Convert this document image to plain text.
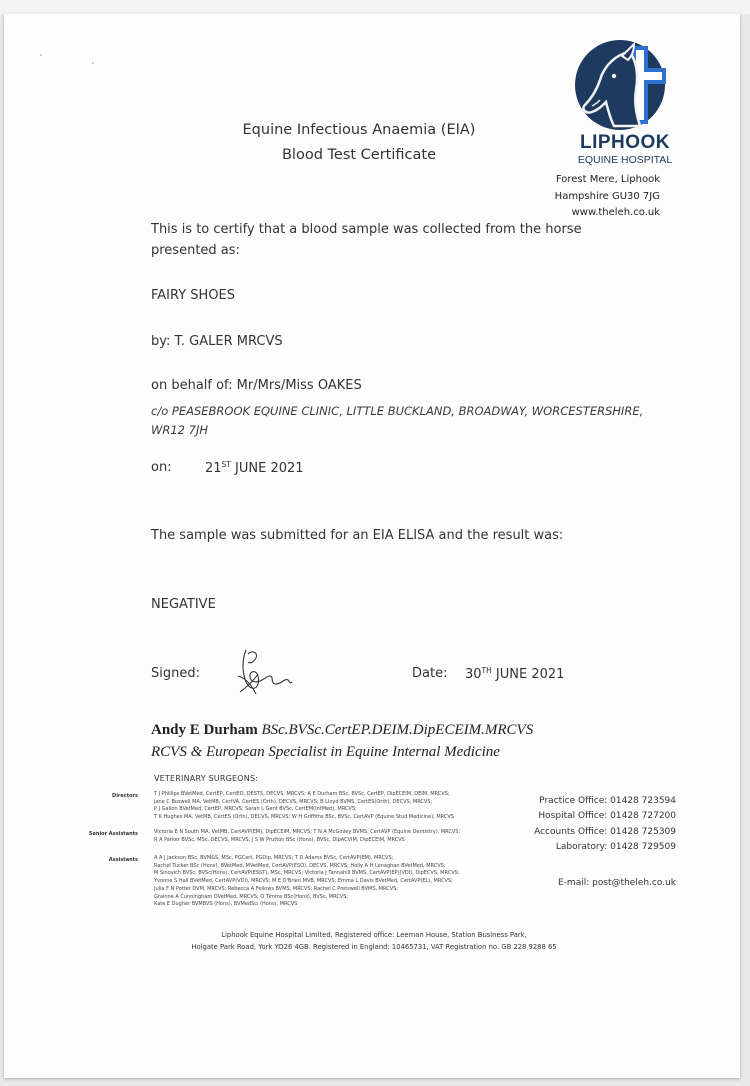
Equine Infectious Anaemia (EIA)
Blood Test Certificate
LIPHOOK
EQUINE HOSPITAL
Forest Mere, Liphook
Hampshire GU30 7JG
www.theleh.co.uk
This is to certify that a blood sample was collected from the horse presented as:
FAIRY SHOES
by: T. GALER MRCVS
on behalf of: Mr/Mrs/Miss OAKES
c/o PEASEBROOK EQUINE CLINIC, LITTLE BUCKLAND, BROADWAY, WORCESTERSHIRE,
WR12 7JH
on:	21ST JUNE 2021
The sample was submitted for an EIA ELISA and the result was:
NEGATIVE
Signed:	Date: 30TH JUNE 2021
Andy E Durham BSc.BVSc.CertEP.DEIM.DipECEIM.MRCVS
RCVS & European Specialist in Equine Internal Medicine
VETERINARY SURGEONS:
Directors	T J Phillips BVetMed, CertEP, CertEO, DESTS, DECVS, MRCVS; A E Durham BSc, BVSc, CertEP, DipECEIM, DEIM, MRCVS;
Jane C Boswell MA, VetMB, CertVA, CertES (Orth), DECVS, MRCVS; B Lloyd BVMS, CertES(Orth), DECVS, MRCVS;
P J Gallon BVetMed, CertEP, MRCVS; Sarah L Gent BVSc, CertEM(IntMed), MRCVS;
T K Hughes MA, VetMB, CertES (Orth), DECVS, MRCVS; W H Griffiths BSc, BVSc, CertAVP (Equine Stud Medicine), MRCVS
Senior Assistants	Victoria E N South MA, VetMB, CertAVP(EM), DipECEIM, MRCVS; T N A McGinley BVMS, CertAVP (Equine Dentistry), MRCVS;
R A Parker BVSc, MSc, DECVS, MRCVS; J S W Prutton BSc (Hons), BVSc, DipACVIM, DipECEIM, MRCVS
Assistants	A A J Jackson BSc, BVM&S, MSc, PGCert, PGDip, MRCVS; T D Adams BVSc, CertAVP(EM), MRCVS;
Rachel Tucker BSc (Hons), BVetMed, MVetMed, CertAVP(ESO), DECVS, MRCVS; Holly A H Lenaghan BVetMed, MRCVS;
M Sinovich BVSc, BVSc(Hons), CertAVP(ESST), MSc, MRCVS; Victoria J Tannahill BVMS, CertAVP(EP)(VDI), DipECVS, MRCVS;
Yvonne S Hall BVetMed, CertAVP(VDI), MRCVS; M E O'Brien MVB, MRCVS; Emma L Davis BVetMed, CertAVP(EL), MRCVS;
Julia F N Potter DVM, MRCVS; Rebecca A Fellows BVMS, MRCVS; Rachel C Pretswell BVMS, MRCVS;
Grainne A Cunningham DVetMed, MRCVS; O Timms BSc(Hons), BVSc, MRCVS;
Kate E Dugher BVMBVS (Hons), BVMedSci (Hons), MRCVS
Practice Office: 01428 723594
Hospital Office: 01428 727200
Accounts Office: 01428 725309
Laboratory: 01428 729509
E-mail: post@theleh.co.uk
Liphook Equine Hospital Limited. Registered office: Leeman House, Station Business Park,
Holgate Park Road, York YO26 4GB. Registered in England: 10465731, VAT Registration no. GB 228 9288 65
